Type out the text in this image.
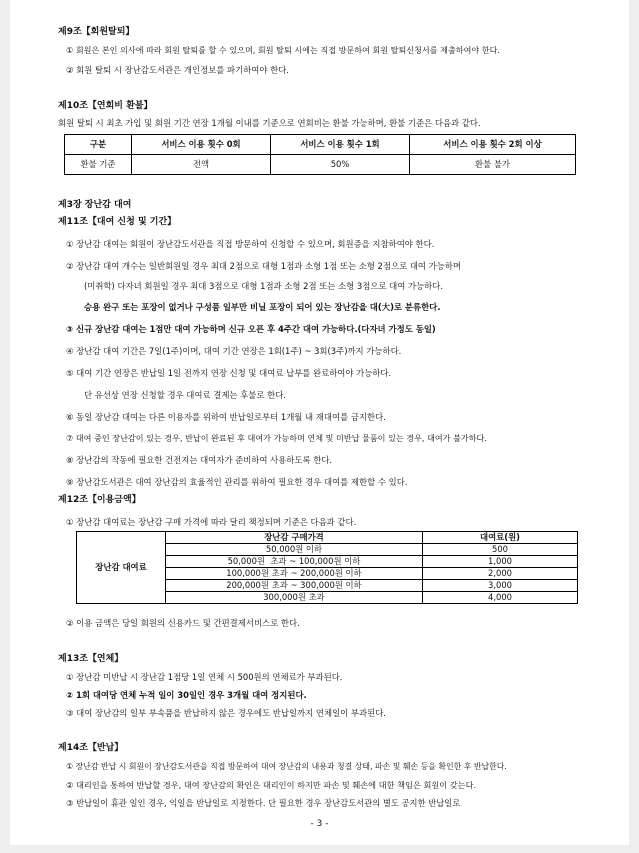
제9조【회원탈퇴】
① 회원은 본인 의사에 따라 회원 탈퇴를 할 수 있으며, 회원 탈퇴 시에는 직접 방문하여 회원 탈퇴신청서를 제출하여야 한다.
② 회원 탈퇴 시 장난감도서관은 개인정보를 파기하여야 한다.
제10조【연회비 환불】
회원 탈퇴 시 최초 가입 및 회원 기간 연장 1개월 이내를 기준으로 연회비는 환불 가능하며, 환불 기준은 다음과 같다.
구분	서비스 이용 횟수 0회	서비스 이용 횟수 1회	서비스 이용 횟수 2회 이상
환불 기준	전액	50%	환불 불가
제3장 장난감 대여
제11조【대여 신청 및 기간】
① 장난감 대여는 회원이 장난감도서관을 직접 방문하여 신청할 수 있으며, 회원증을 지참하여야 한다.
② 장난감 대여 개수는 일반회원일 경우 최대 2점으로 대형 1점과 소형 1점 또는 소형 2점으로 대여 가능하며
(미취학) 다자녀 회원일 경우 최대 3점으로 대형 1점과 소형 2점 또는 소형 3점으로 대여 가능하다.
승용 완구 또는 포장이 없거나 구성품 일부만 비닐 포장이 되어 있는 장난감을 대(大)로 분류한다.
③ 신규 장난감 대여는 1점만 대여 가능하며 신규 오픈 후 4주간 대여 가능하다.(다자녀 가정도 동일)
④ 장난감 대여 기간은 7일(1주)이며, 대여 기간 연장은 1회(1주) ~ 3회(3주)까지 가능하다.
⑤ 대여 기간 연장은 반납일 1일 전까지 연장 신청 및 대여료 납부를 완료하여야 가능하다.
단 유선상 연장 신청할 경우 대여료 결제는 후불로 한다.
⑥ 동일 장난감 대여는 다른 이용자를 위하여 반납일로부터 1개월 내 재대여를 금지한다.
⑦ 대여 중인 장난감이 있는 경우, 반납이 완료된 후 대여가 가능하며 연체 및 미반납 물품이 있는 경우, 대여가 불가하다.
⑧ 장난감의 작동에 필요한 건전지는 대여자가 준비하여 사용하도록 한다.
⑨ 장난감도서관은 대여 장난감의 효율적인 관리를 위하여 필요한 경우 대여를 제한할 수 있다.
제12조【이용금액】
① 장난감 대여료는 장난감 구매 가격에 따라 달리 책정되며 기준은 다음과 같다.
장난감 대여료	장난감 구매가격	대여료(원)
	50,000원 이하	500
	50,000원  초과 ~ 100,000원 이하	1,000
	100,000원 초과 ~ 200,000원 이하	2,000
	200,000원 초과 ~ 300,000원 이하	3,000
	300,000원 초과	4,000
② 이용 금액은 당일 회원의 신용카드 및 간편결제서비스로 한다.
제13조【연체】
① 장난감 미반납 시 장난감 1점당 1일 연체 시 500원의 연체료가 부과된다.
② 1회 대여당 연체 누적 일이 30일인 경우 3개월 대여 정지된다.
③ 대여 장난감의 일부 부속품을 반납하지 않은 경우에도 반납일까지 연체일이 부과된다.
제14조【반납】
① 장난감 반납 시 회원이 장난감도서관을 직접 방문하여 대여 장난감의 내용과 청결 상태, 파손 및 훼손 등을 확인한 후 반납한다.
② 대리인을 통하여 반납할 경우, 대여 장난감의 확인은 대리인이 하지만 파손 및 훼손에 대한 책임은 회원이 갖는다.
③ 반납일이 휴관 일인 경우, 익일을 반납일로 지정한다. 단 필요한 경우 장난감도서관의 별도 공지한 반납일로
- 3 -
